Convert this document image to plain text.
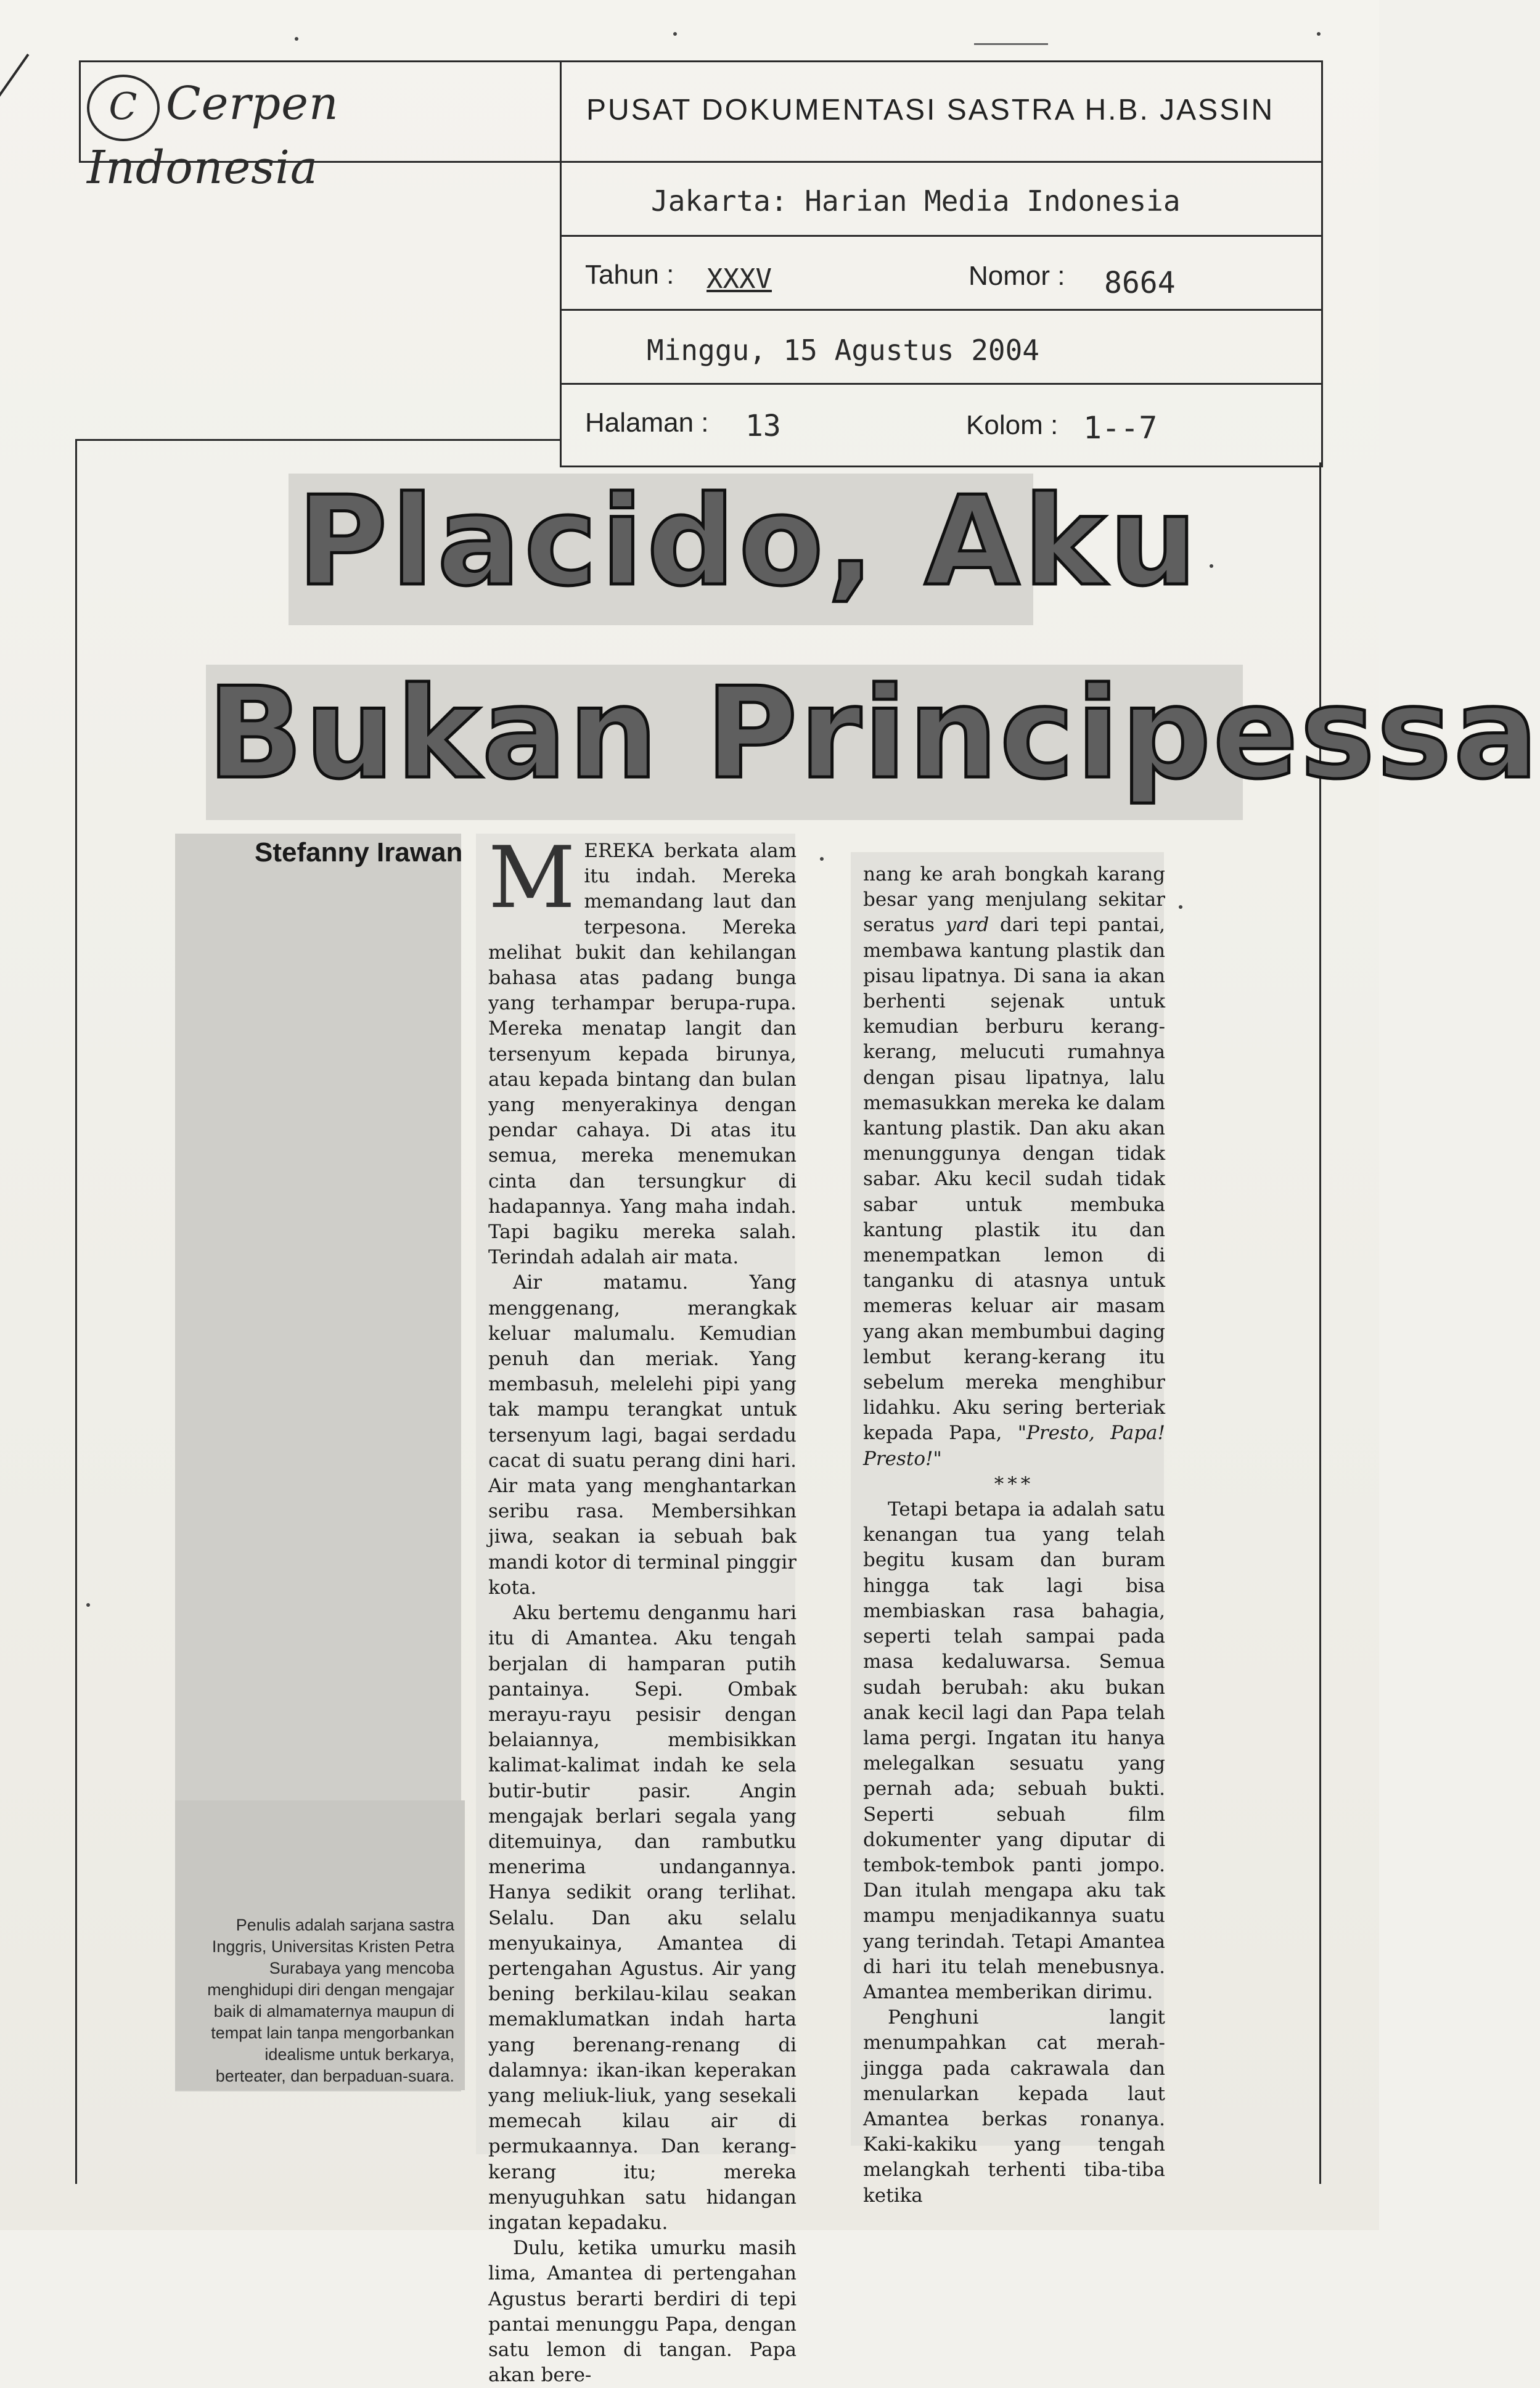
C Cerpen Indonesia
PUSAT DOKUMENTASI SASTRA H.B. JASSIN
Jakarta: Harian Media Indonesia
Tahun : XXXV	Nomor : 8664
Minggu, 15 Agustus 2004
Halaman : 13	Kolom : 1--7
Placido, Aku
Bukan Principessa
Stefanny Irawan
Penulis adalah sarjana sastra Inggris, Universitas Kristen Petra Surabaya yang mencoba menghidupi diri dengan mengajar baik di almamaternya maupun di tempat lain tanpa mengorbankan idealisme untuk berkarya, berteater, dan berpaduan-suara.

MEREKA berkata alam itu indah. Mereka memandang laut dan terpesona. Mereka melihat bukit dan kehilangan bahasa atas padang bunga yang terhampar berupa-rupa. Mereka menatap langit dan tersenyum kepada birunya, atau kepada bintang dan bulan yang menyerakinya dengan pendar cahaya. Di atas itu semua, mereka menemukan cinta dan tersungkur di hadapannya. Yang maha indah. Tapi bagiku mereka salah. Terindah adalah air mata.

Air matamu. Yang menggenang, merangkak keluar malumalu. Kemudian penuh dan meriak. Yang membasuh, melelehi pipi yang tak mampu terangkat untuk tersenyum lagi, bagai serdadu cacat di suatu perang dini hari. Air mata yang menghantarkan seribu rasa. Membersihkan jiwa, seakan ia sebuah bak mandi kotor di terminal pinggir kota.

Aku bertemu denganmu hari itu di Amantea. Aku tengah berjalan di hamparan putih pantainya. Sepi. Ombak merayu-rayu pesisir dengan belaiannya, membisikkan kalimat-kalimat indah ke sela butir-butir pasir. Angin mengajak berlari segala yang ditemuinya, dan rambutku menerima undangannya. Hanya sedikit orang terlihat. Selalu. Dan aku selalu menyukainya, Amantea di pertengahan Agustus. Air yang bening berkilau-kilau seakan memaklumatkan indah harta yang berenang-renang di dalamnya: ikan-ikan keperakan yang meliuk-liuk, yang sesekali memecah kilau air di permukaannya. Dan kerang-kerang itu; mereka menyuguhkan satu hidangan ingatan kepadaku.

Dulu, ketika umurku masih lima, Amantea di pertengahan Agustus berarti berdiri di tepi pantai menunggu Papa, dengan satu lemon di tangan. Papa akan bere-

nang ke arah bongkah karang besar yang menjulang sekitar seratus yard dari tepi pantai, membawa kantung plastik dan pisau lipatnya. Di sana ia akan berhenti sejenak untuk kemudian berburu kerang-kerang, melucuti rumahnya dengan pisau lipatnya, lalu memasukkan mereka ke dalam kantung plastik. Dan aku akan menunggunya dengan tidak sabar. Aku kecil sudah tidak sabar untuk membuka kantung plastik itu dan menempatkan lemon di tanganku di atasnya untuk memeras keluar air masam yang akan membumbui daging lembut kerang-kerang itu sebelum mereka menghibur lidahku. Aku sering berteriak kepada Papa, "Presto, Papa! Presto!"

***

Tetapi betapa ia adalah satu kenangan tua yang telah begitu kusam dan buram hingga tak lagi bisa membiaskan rasa bahagia, seperti telah sampai pada masa kedaluwarsa. Semua sudah berubah: aku bukan anak kecil lagi dan Papa telah lama pergi. Ingatan itu hanya melegalkan sesuatu yang pernah ada; sebuah bukti. Seperti sebuah film dokumenter yang diputar di tembok-tembok panti jompo. Dan itulah mengapa aku tak mampu menjadikannya suatu yang terindah. Tetapi Amantea di hari itu telah menebusnya. Amantea memberikan dirimu.

Penghuni langit menumpahkan cat merah-jingga pada cakrawala dan menularkan kepada laut Amantea berkas ronanya. Kaki-kakiku yang tengah melangkah terhenti tiba-tiba ketika
